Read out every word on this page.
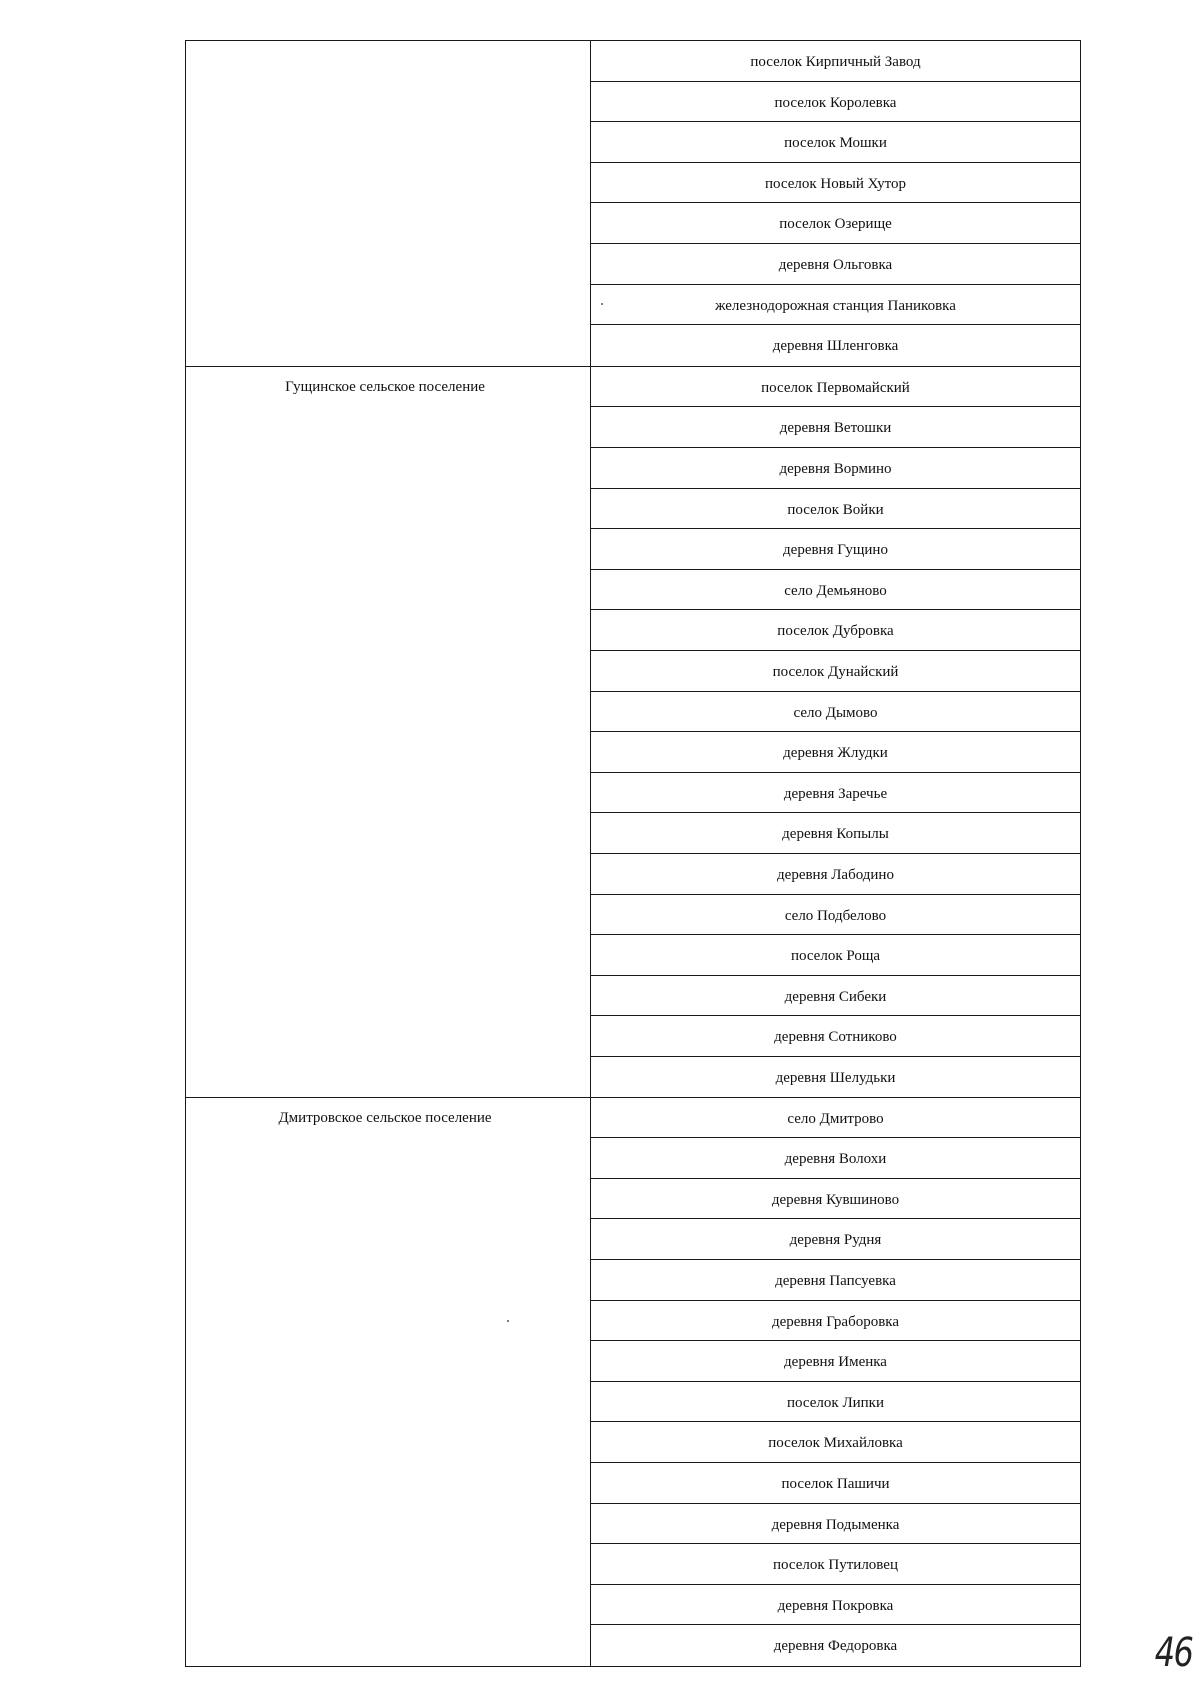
поселок Кирпичный Завод
поселок Королевка
поселок Мошки
поселок Новый Хутор
поселок Озерище
деревня Ольговка
железнодорожная станция Паниковка
деревня Шленговка
Гущинское сельское поселение	поселок Первомайский
деревня Ветошки
деревня Вормино
поселок Войки
деревня Гущино
село Демьяново
поселок Дубровка
поселок Дунайский
село Дымово
деревня Жлудки
деревня Заречье
деревня Копылы
деревня Лабодино
село Подбелово
поселок Роща
деревня Сибеки
деревня Сотниково
деревня Шелудьки
Дмитровское сельское поселение	село Дмитрово
деревня Волохи
деревня Кувшиново
деревня Рудня
деревня Папсуевка
деревня Граборовка
деревня Именка
поселок Липки
поселок Михайловка
поселок Пашичи
деревня Подыменка
поселок Путиловец
деревня Покровка
деревня Федоровка	46
